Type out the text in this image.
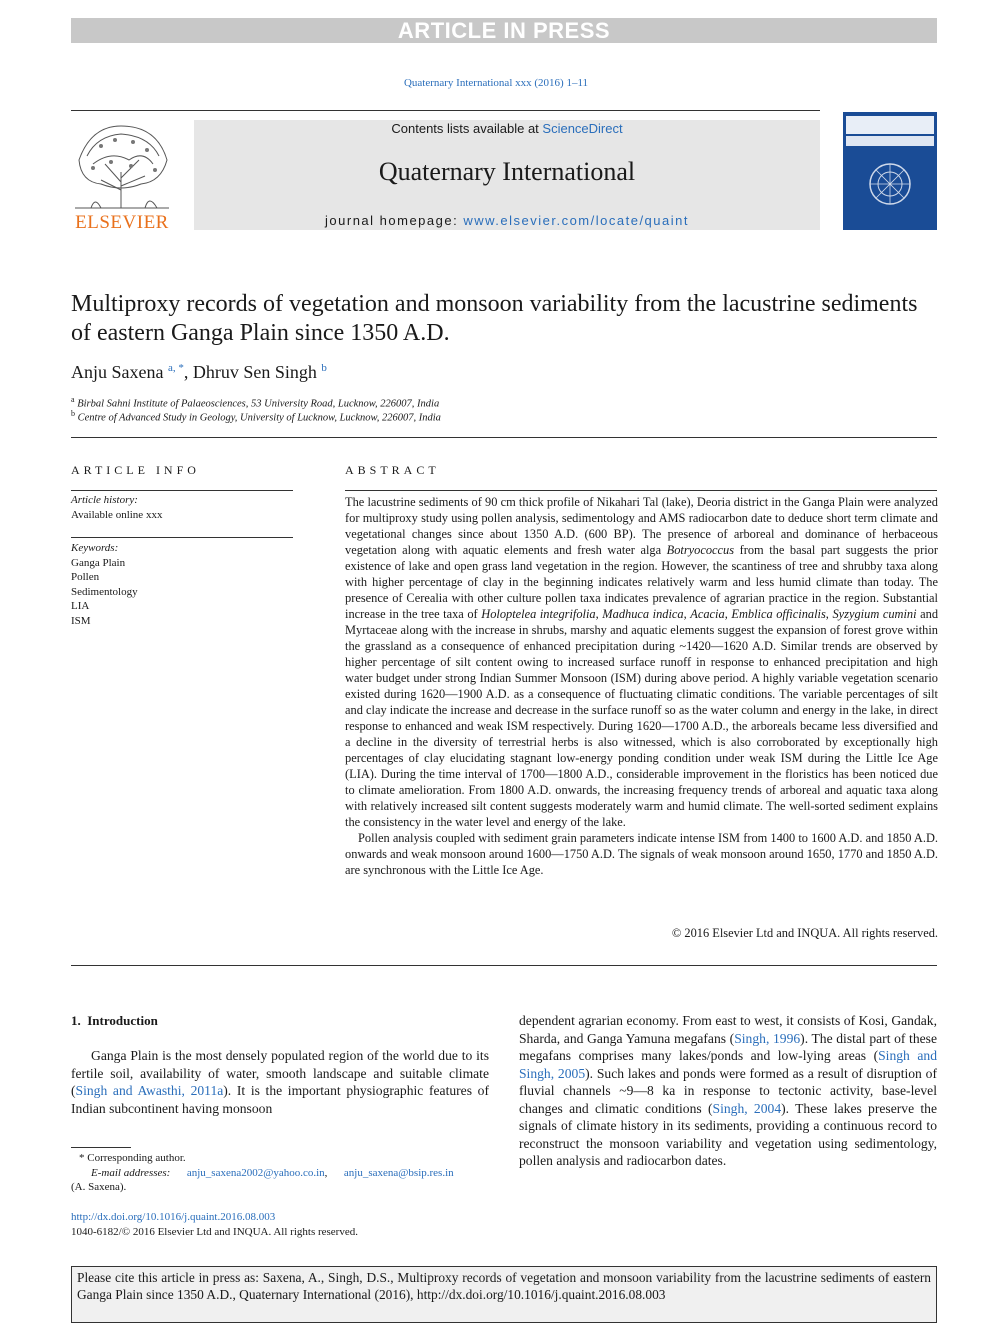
ARTICLE IN PRESS
Quaternary International xxx (2016) 1–11
ELSEVIER
Contents lists available at ScienceDirect
Quaternary International
journal homepage: www.elsevier.com/locate/quaint
Multiproxy records of vegetation and monsoon variability from the lacustrine sediments of eastern Ganga Plain since 1350 A.D.
Anju Saxena $^{a, *}$, Dhruv Sen Singh $^b$
$^a$ Birbal Sahni Institute of Palaeosciences, 53 University Road, Lucknow, 226007, India
$^b$ Centre of Advanced Study in Geology, University of Lucknow, Lucknow, 226007, India
ARTICLE INFO
Article history:
Available online xxx
Keywords:
Ganga Plain
Pollen
Sedimentology
LIA
ISM
ABSTRACT

The lacustrine sediments of 90 cm thick profile of Nikahari Tal (lake), Deoria district in the Ganga Plain were analyzed for multiproxy study using pollen analysis, sedimentology and AMS radiocarbon date to deduce short term climate and vegetational changes since about 1350 A.D. (600 BP). The presence of arboreal and dominance of herbaceous vegetation along with aquatic elements and fresh water alga Botryococcus from the basal part suggests the prior existence of lake and open grass land vegetation in the region. However, the scantiness of tree and shrubby taxa along with higher percentage of clay in the beginning indicates relatively warm and less humid climate than today. The presence of Cerealia with other culture pollen taxa indicates prevalence of agrarian practice in the region. Substantial increase in the tree taxa of Holoptelea integrifolia, Madhuca indica, Acacia, Emblica officinalis, Syzygium cumini and Myrtaceae along with the increase in shrubs, marshy and aquatic elements suggest the expansion of forest grove within the grassland as a consequence of enhanced precipitation during ~1420—1620 A.D. Similar trends are observed by higher percentage of silt content owing to increased surface runoff in response to enhanced precipitation and high water budget under strong Indian Summer Monsoon (ISM) during above period. A highly variable vegetation scenario existed during 1620—1900 A.D. as a consequence of fluctuating climatic conditions. The variable percentages of silt and clay indicate the increase and decrease in the surface runoff so as the water column and energy in the lake, in direct response to enhanced and weak ISM respectively. During 1620—1700 A.D., the arboreals became less diversified and a decline in the diversity of terrestrial herbs is also witnessed, which is also corroborated by exceptionally high percentages of clay elucidating stagnant low-energy ponding condition under weak ISM during the Little Ice Age (LIA). During the time interval of 1700—1800 A.D., considerable improvement in the floristics has been noticed due to climate amelioration. From 1800 A.D. onwards, the increasing frequency trends of arboreal and aquatic taxa along with relatively increased silt content suggests moderately warm and humid climate. The well-sorted sediment explains the consistency in the water level and energy of the lake.

Pollen analysis coupled with sediment grain parameters indicate intense ISM from 1400 to 1600 A.D. and 1850 A.D. onwards and weak monsoon around 1600—1750 A.D. The signals of weak monsoon around 1650, 1770 and 1850 A.D. are synchronous with the Little Ice Age.

© 2016 Elsevier Ltd and INQUA. All rights reserved.
1.  Introduction
Ganga Plain is the most densely populated region of the world due to its fertile soil, availability of water, smooth landscape and suitable climate (Singh and Awasthi, 2011a). It is the important physiographic features of Indian subcontinent having monsoon
dependent agrarian economy. From east to west, it consists of Kosi, Gandak, Sharda, and Ganga Yamuna megafans (Singh, 1996). The distal part of these megafans comprises many lakes/ponds and low-lying areas (Singh and Singh, 2005). Such lakes and ponds were formed as a result of disruption of fluvial channels ~9—8 ka in response to tectonic activity, base-level changes and climatic conditions (Singh, 2004). These lakes preserve the signals of climate history in its sediments, providing a continuous record to reconstruct the monsoon variability and vegetation using sedimentology, pollen analysis and radiocarbon dates.
* Corresponding author.
E-mail addresses: anju_saxena2002@yahoo.co.in,      anju_saxena@bsip.res.in
(A. Saxena).
http://dx.doi.org/10.1016/j.quaint.2016.08.003
1040-6182/© 2016 Elsevier Ltd and INQUA. All rights reserved.
Please cite this article in press as: Saxena, A., Singh, D.S., Multiproxy records of vegetation and monsoon variability from the lacustrine sediments of eastern Ganga Plain since 1350 A.D., Quaternary International (2016), http://dx.doi.org/10.1016/j.quaint.2016.08.003
